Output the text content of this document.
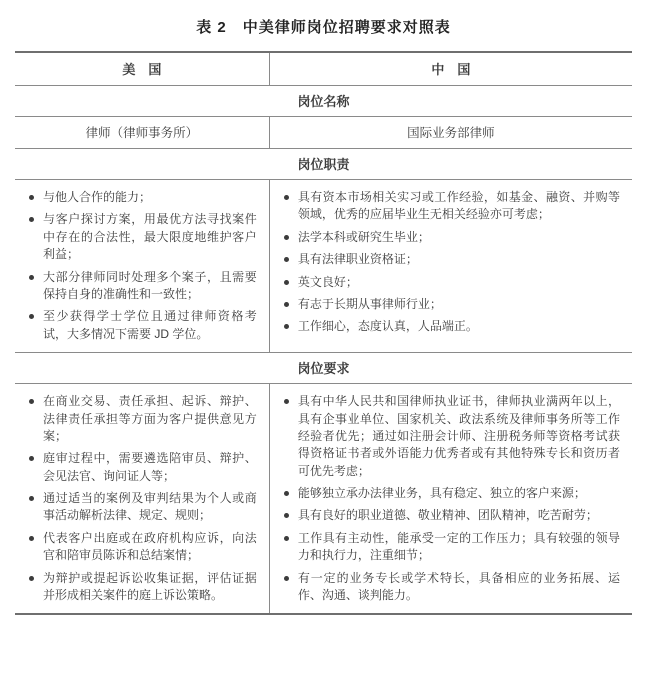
表 2　中美律师岗位招聘要求对照表
美　国	中　国
岗位名称
律师（律师事务所）	国际业务部律师
岗位职责
与他人合作的能力；
与客户探讨方案，用最优方法寻找案件中存在的合法性，最大限度地维护客户利益；
大部分律师同时处理多个案子，且需要保持自身的准确性和一致性；
至少获得学士学位且通过律师资格考试，大多情况下需要 JD 学位。
具有资本市场相关实习或工作经验，如基金、融资、并购等领域，优秀的应届毕业生无相关经验亦可考虑；
法学本科或研究生毕业；
具有法律职业资格证；
英文良好；
有志于长期从事律师行业；
工作细心，态度认真，人品端正。
岗位要求
在商业交易、责任承担、起诉、辩护、法律责任承担等方面为客户提供意见方案；
庭审过程中，需要遴选陪审员、辩护、会见法官、询问证人等；
通过适当的案例及审判结果为个人或商事活动解析法律、规定、规则；
代表客户出庭或在政府机构应诉，向法官和陪审员陈诉和总结案情；
为辩护或提起诉讼收集证据，评估证据并形成相关案件的庭上诉讼策略。
具有中华人民共和国律师执业证书，律师执业满两年以上，具有企事业单位、国家机关、政法系统及律师事务所等工作经验者优先；通过如注册会计师、注册税务师等资格考试获得资格证书者或外语能力优秀者或有其他特殊专长和资历者可优先考虑；
能够独立承办法律业务，具有稳定、独立的客户来源；
具有良好的职业道德、敬业精神、团队精神，吃苦耐劳；
工作具有主动性，能承受一定的工作压力；具有较强的领导力和执行力，注重细节；
有一定的业务专长或学术特长，具备相应的业务拓展、运作、沟通、谈判能力。
